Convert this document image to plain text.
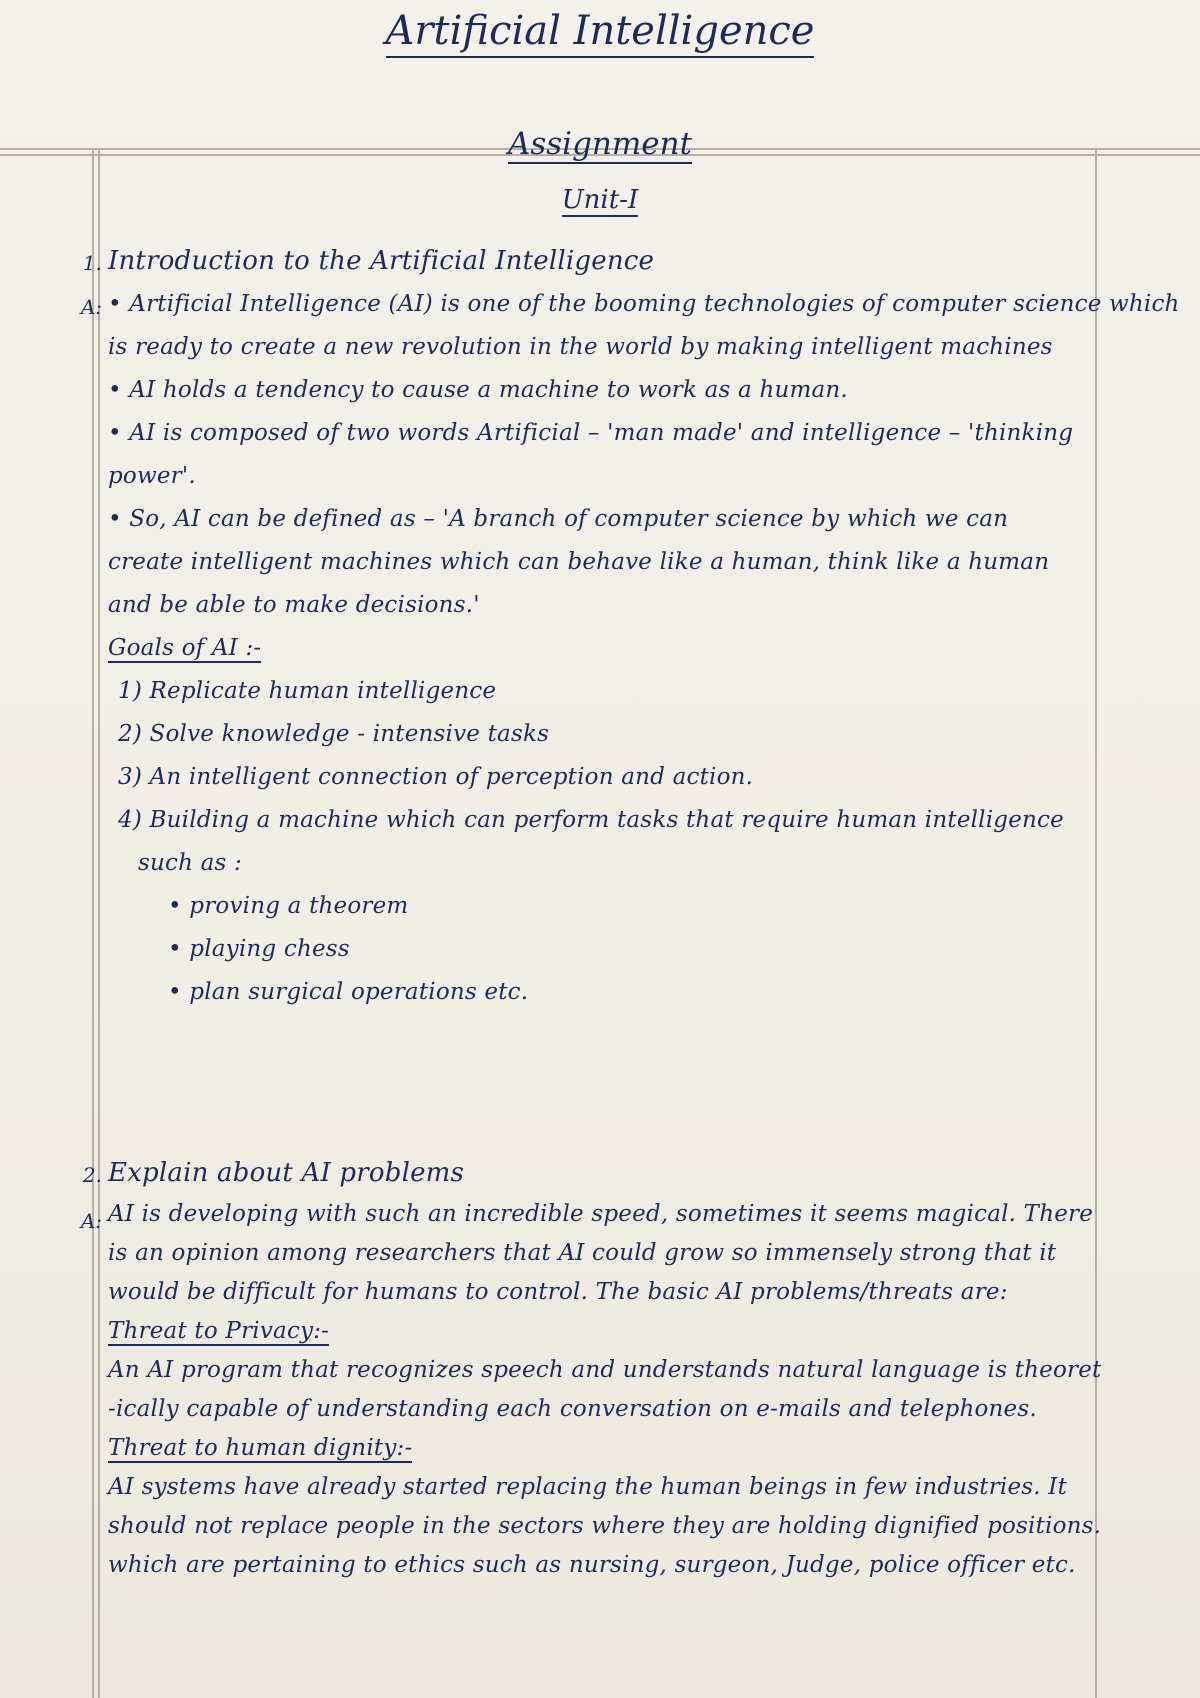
Artificial Intelligence
Assignment
Unit-I
1.
A:

Introduction to the Artificial Intelligence

• Artificial Intelligence (AI) is one of the booming technologies of computer science which

is ready to create a new revolution in the world by making intelligent machines

• AI holds a tendency to cause a machine to work as a human.

• AI is composed of two words Artificial – 'man made' and intelligence – 'thinking

power'.

• So, AI can be defined as – 'A branch of computer science by which we can

create intelligent machines which can behave like a human, think like a human

and be able to make decisions.'

Goals of AI :-

1) Replicate human intelligence

2) Solve knowledge - intensive tasks

3) An intelligent connection of perception and action.

4) Building a machine which can perform tasks that require human intelligence

such as :

• proving a theorem

• playing chess

• plan surgical operations etc.

2.
A:

Explain about AI problems

AI is developing with such an incredible speed, sometimes it seems magical. There

is an opinion among researchers that AI could grow so immensely strong that it

would be difficult for humans to control. The basic AI problems/threats are:

Threat to Privacy:-

An AI program that recognizes speech and understands natural language is theoret

-ically capable of understanding each conversation on e-mails and telephones.

Threat to human dignity:-

AI systems have already started replacing the human beings in few industries. It

should not replace people in the sectors where they are holding dignified positions.

which are pertaining to ethics such as nursing, surgeon, Judge, police officer etc.
